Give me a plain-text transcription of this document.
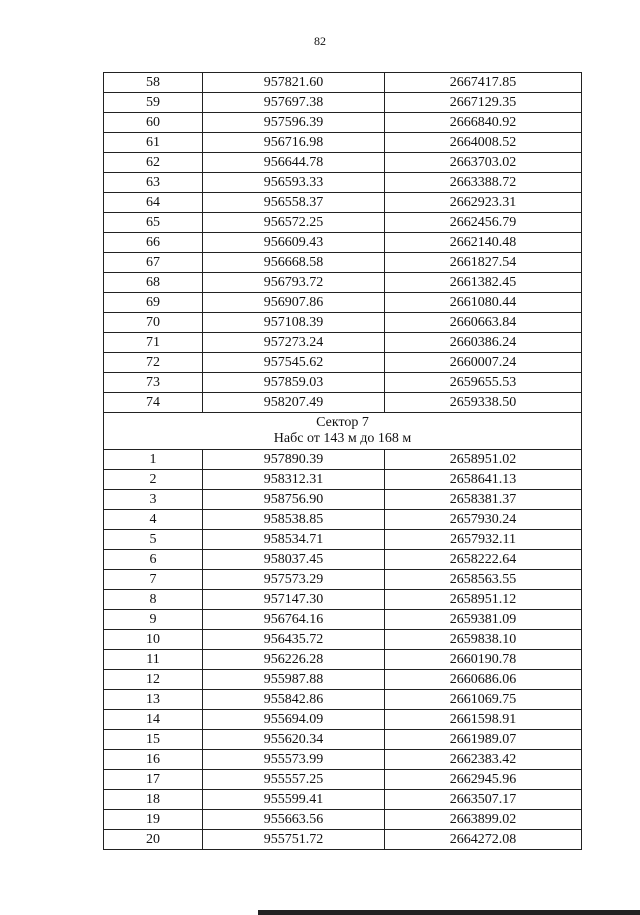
82
58	957821.60	2667417.85
59	957697.38	2667129.35
60	957596.39	2666840.92
61	956716.98	2664008.52
62	956644.78	2663703.02
63	956593.33	2663388.72
64	956558.37	2662923.31
65	956572.25	2662456.79
66	956609.43	2662140.48
67	956668.58	2661827.54
68	956793.72	2661382.45
69	956907.86	2661080.44
70	957108.39	2660663.84
71	957273.24	2660386.24
72	957545.62	2660007.24
73	957859.03	2659655.53
74	958207.49	2659338.50

Сектор 7
Набс от 143 м до 168 м		

1	957890.39	2658951.02
2	958312.31	2658641.13
3	958756.90	2658381.37
4	958538.85	2657930.24
5	958534.71	2657932.11
6	958037.45	2658222.64
7	957573.29	2658563.55
8	957147.30	2658951.12
9	956764.16	2659381.09
10	956435.72	2659838.10
11	956226.28	2660190.78
12	955987.88	2660686.06
13	955842.86	2661069.75
14	955694.09	2661598.91
15	955620.34	2661989.07
16	955573.99	2662383.42
17	955557.25	2662945.96
18	955599.41	2663507.17
19	955663.56	2663899.02
20	955751.72	2664272.08
